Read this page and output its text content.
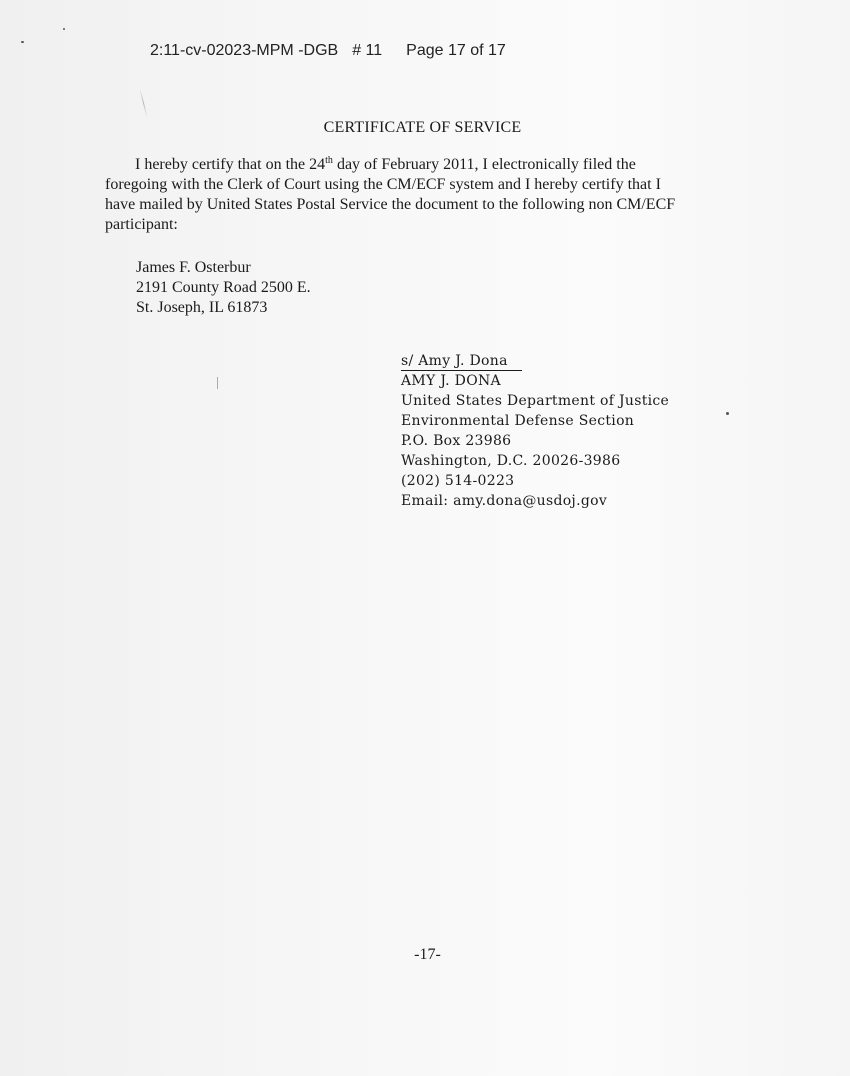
2:11-cv-02023-MPM -DGB # 11 Page 17 of 17
CERTIFICATE OF SERVICE
I hereby certify that on the 24th day of February 2011, I electronically filed the
foregoing with the Clerk of Court using the CM/ECF system and I hereby certify that I
have mailed by United States Postal Service the document to the following non CM/ECF
participant:
James F. Osterbur
2191 County Road 2500 E.
St. Joseph, IL 61873
s/ Amy J. Dona
AMY J. DONA
United States Department of Justice
Environmental Defense Section
P.O. Box 23986
Washington, D.C. 20026-3986
(202) 514-0223
Email: amy.dona@usdoj.gov
-17-
